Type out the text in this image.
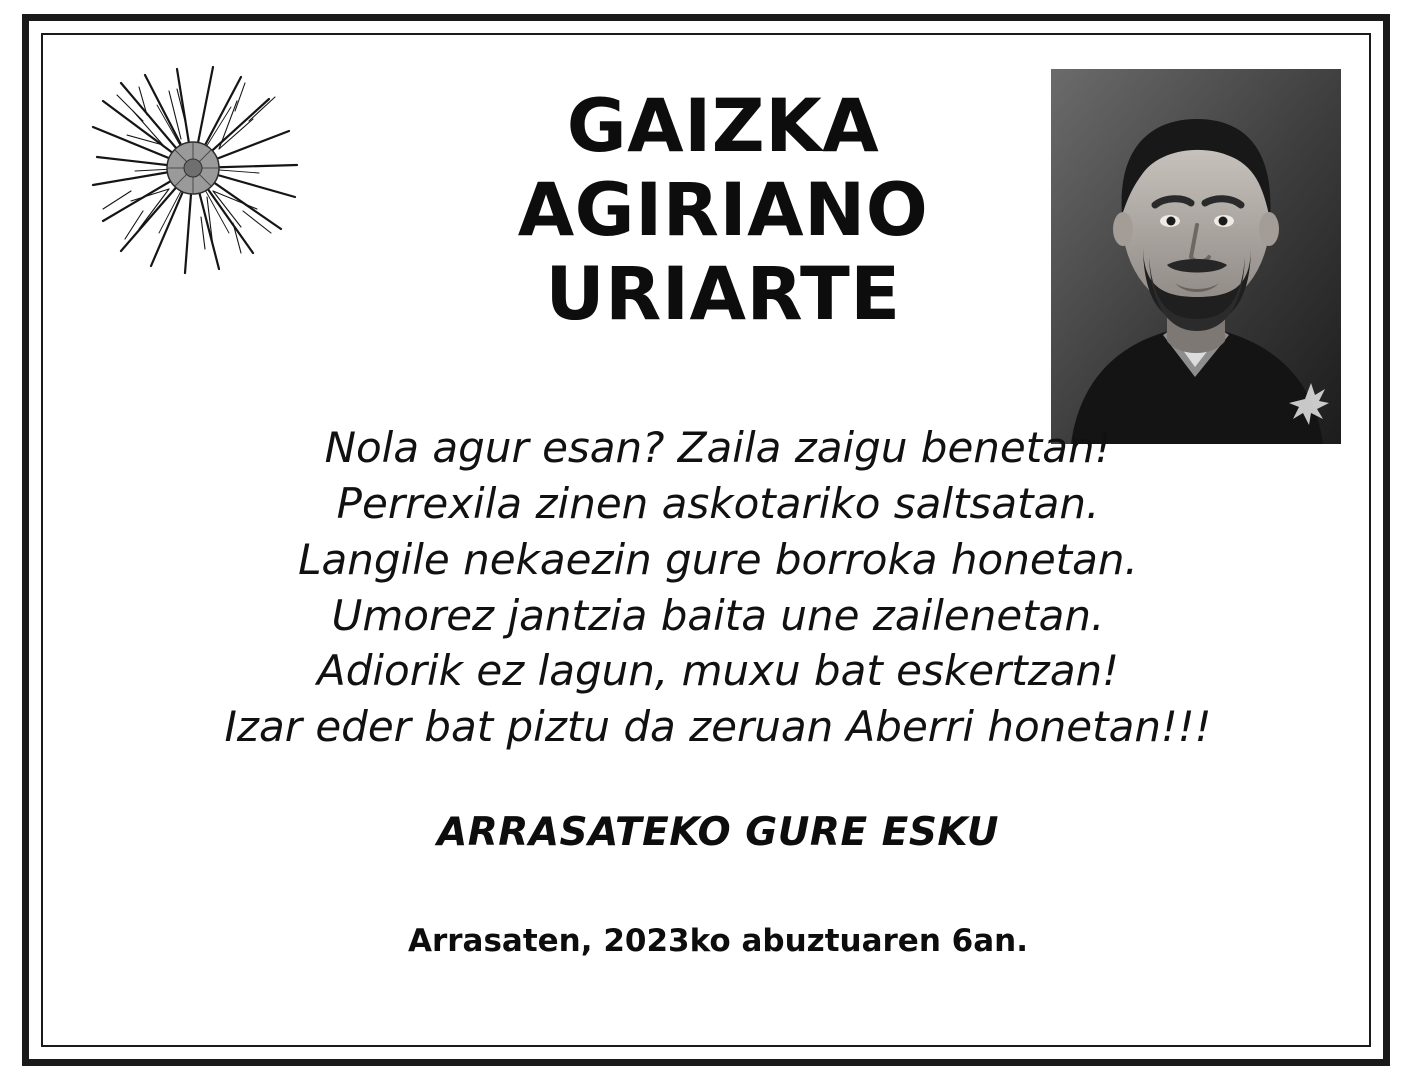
GAIZKA
AGIRIANO
URIARTE
Nola agur esan? Zaila zaigu benetan!
Perrexila zinen askotariko saltsatan.
Langile nekaezin gure borroka honetan.
Umorez jantzia baita une zailenetan.
Adiorik ez lagun, muxu bat eskertzan!
Izar eder bat piztu da zeruan Aberri honetan!!!
ARRASATEKO GURE ESKU
Arrasaten, 2023ko abuztuaren 6an.
